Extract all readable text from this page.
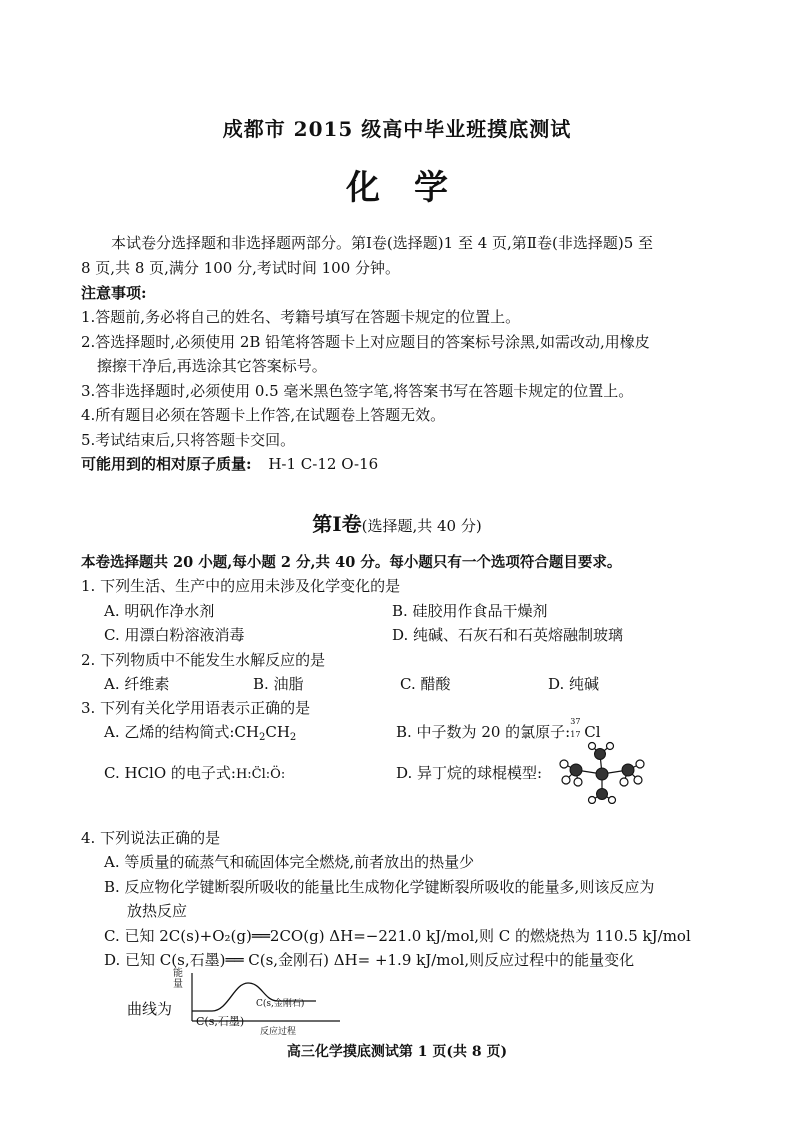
成都市 2015 级高中毕业班摸底测试
化学
本试卷分选择题和非选择题两部分。第Ⅰ卷(选择题)1 至 4 页,第Ⅱ卷(非选择题)5 至
8 页,共 8 页,满分 100 分,考试时间 100 分钟。
注意事项:
1.答题前,务必将自己的姓名、考籍号填写在答题卡规定的位置上。
2.答选择题时,必须使用 2B 铅笔将答题卡上对应题目的答案标号涂黑,如需改动,用橡皮
擦擦干净后,再选涂其它答案标号。
3.答非选择题时,必须使用 0.5 毫米黑色签字笔,将答案书写在答题卡规定的位置上。
4.所有题目必须在答题卡上作答,在试题卷上答题无效。
5.考试结束后,只将答题卡交回。
可能用到的相对原子质量: H-1 C-12 O-16
第Ⅰ卷(选择题,共 40 分)
本卷选择题共 20 小题,每小题 2 分,共 40 分。每小题只有一个选项符合题目要求。
1. 下列生活、生产中的应用未涉及化学变化的是
A. 明矾作净水剂	B. 硅胶用作食品干燥剂
C. 用漂白粉溶液消毒	D. 纯碱、石灰石和石英熔融制玻璃
2. 下列物质中不能发生水解反应的是
A. 纤维素	B. 油脂	C. 醋酸	D. 纯碱
3. 下列有关化学用语表示正确的是
A. 乙烯的结构简式$:CH_2CH_2$	B. 中子数为 20 的氯原子:
37
17 Cl
C. HClO 的电子式:H:C̈l:Ö:	D. 异丁烷的球棍模型:
4. 下列说法正确的是
A. 等质量的硫蒸气和硫固体完全燃烧,前者放出的热量少
B. 反应物化学键断裂所吸收的能量比生成物化学键断裂所吸收的能量多,则该反应为
放热反应
C. 已知 2C(s)+O₂(g)══2CO(g) ΔH=−221.0 kJ/mol,则 C 的燃烧热为 110.5 kJ/mol
D. 已知 C(s,石墨)══ C(s,金刚石) ΔH= +1.9 kJ/mol,则反应过程中的能量变化
曲线为
能量
C(s,石墨)
C(s,金刚石)
反应过程
高三化学摸底测试第 1 页(共 8 页)
